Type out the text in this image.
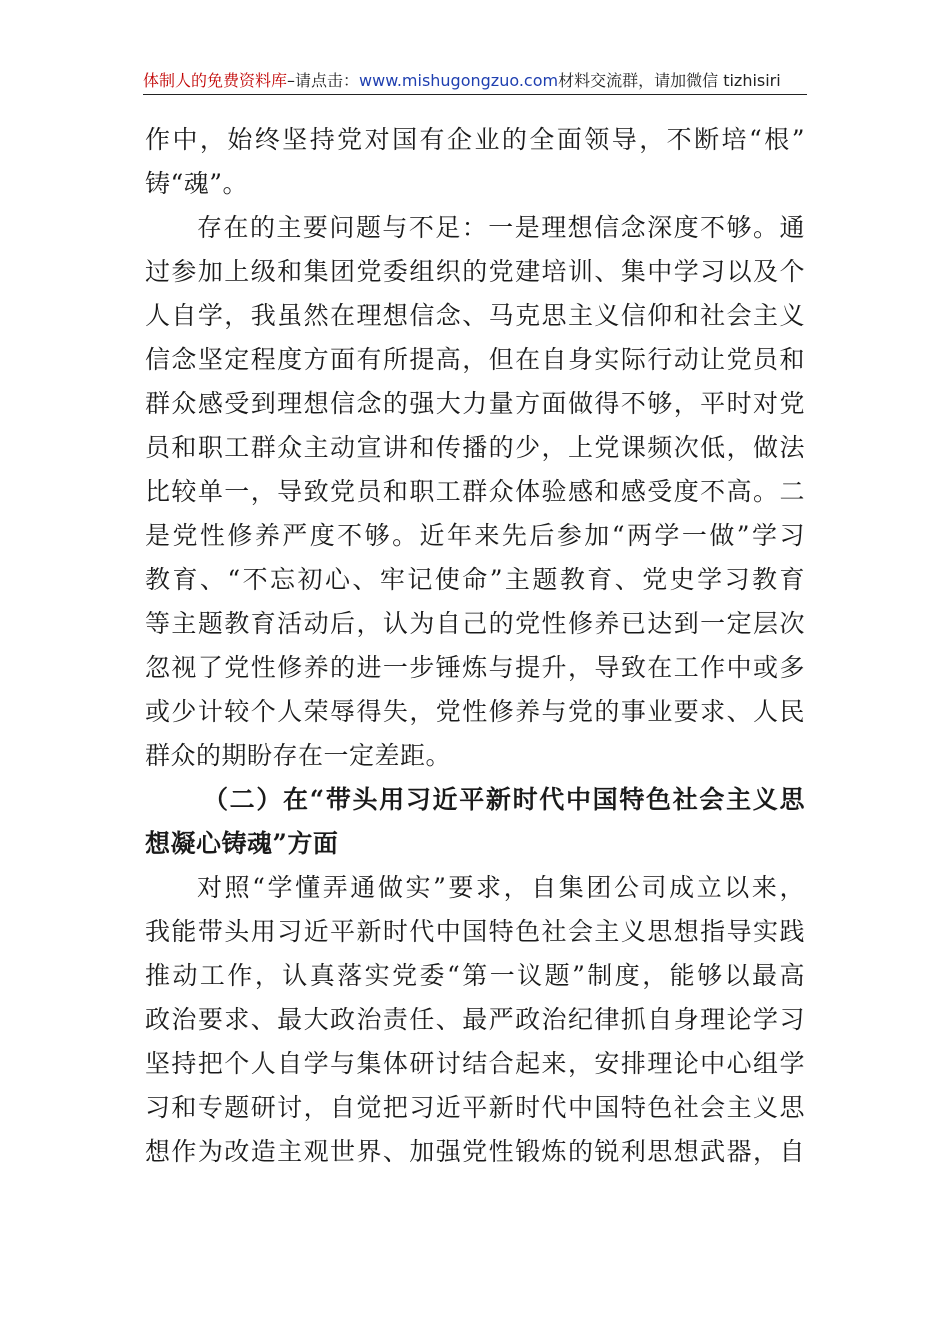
体制人的免费资料库–请点击：www.mishugongzuo.com材料交流群，请加微信 tizhisiri
作中，始终坚持党对国有企业的全面领导，不断培“根”
铸“魂”。
存在的主要问题与不足：一是理想信念深度不够。通
过参加上级和集团党委组织的党建培训、集中学习以及个
人自学，我虽然在理想信念、马克思主义信仰和社会主义
信念坚定程度方面有所提高，但在自身实际行动让党员和
群众感受到理想信念的强大力量方面做得不够，平时对党
员和职工群众主动宣讲和传播的少，上党课频次低，做法
比较单一，导致党员和职工群众体验感和感受度不高。二
是党性修养严度不够。近年来先后参加“两学一做”学习
教育、“不忘初心、牢记使命”主题教育、党史学习教育
等主题教育活动后，认为自己的党性修养已达到一定层次
忽视了党性修养的进一步锤炼与提升，导致在工作中或多
或少计较个人荣辱得失，党性修养与党的事业要求、人民
群众的期盼存在一定差距。
（二）在“带头用习近平新时代中国特色社会主义思
想凝心铸魂”方面
对照“学懂弄通做实”要求，自集团公司成立以来，
我能带头用习近平新时代中国特色社会主义思想指导实践
推动工作，认真落实党委“第一议题”制度，能够以最高
政治要求、最大政治责任、最严政治纪律抓自身理论学习
坚持把个人自学与集体研讨结合起来，安排理论中心组学
习和专题研讨，自觉把习近平新时代中国特色社会主义思
想作为改造主观世界、加强党性锻炼的锐利思想武器，自
